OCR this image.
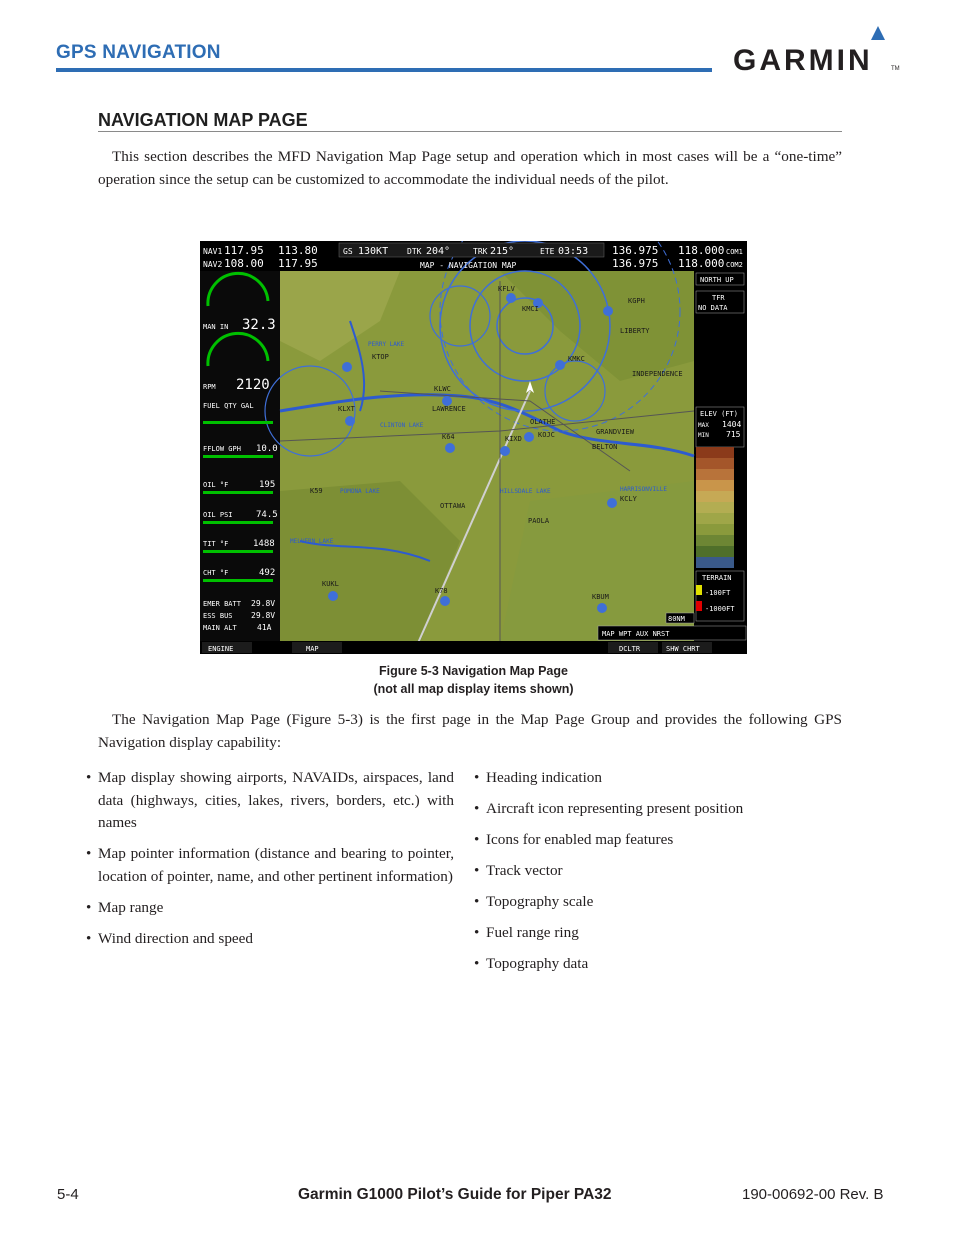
GPS NAVIGATION	GARMIN	TM
NAVIGATION MAP PAGE

This section describes the MFD Navigation Map Page setup and operation which in most cases will be a “one-time” operation since the setup can be customized to accommodate the individual needs of the pilot.

NAV1 117.95 113.80
NAV2 108.00 117.95
GS 130KT DTK 204°	TRK 215°	ETE 03:53
MAP - NAVIGATION MAP
136.975 118.000 COM1
136.975 118.000 COM2
NORTH UP
TFR
NO DATA
ELEV (FT)
MAX 1404
MIN 715
TERRAIN
-100FT
-1000FT
80NM
MAP WPT AUX NRST
MAN IN 32.3
RPM 2120
FUEL QTY GAL
FFLOW GPH 10.0
OIL °F	195
OIL PSI	74.5
TIT °F	1488
CHT °F	492
EMER BATT 29.8V
ESS BUS 29.8V
MAIN ALT	41A
KFLV
KMCI
KGPH
KMKC
KTOP
KLWC
KOJC
KIXD
K64
KLXT
KCLY
KUKL
K78
KBUM
K59
LAWRENCE
OLATHE
INDEPENDENCE
GRANDVIEW
BELTON
OTTAWA
LIBERTY
PAOLA
CLINTON LAKE
POMONA LAKE	HILLSDALE LAKE	HARRISONVILLE
PERRY LAKE
MELVERN LAKE
ENGINE	MAP	DCLTR	SHW CHRT
Figure 5-3 Navigation Map Page
(not all map display items shown)

The Navigation Map Page (Figure 5-3) is the first page in the Map Page Group and provides the following GPS Navigation display capability:

• Map display showing airports, NAVAIDs, airspaces, land data (highways, cities, lakes, rivers, borders, etc.) with names
• Map pointer information (distance and bearing to pointer, location of pointer, name, and other pertinent information)
• Map range
• Wind direction and speed
• Heading indication
• Aircraft icon representing present position
• Icons for enabled map features
• Track vector
• Topography scale
• Fuel range ring
• Topography data
5-4	Garmin G1000 Pilot’s Guide for Piper PA32	190-00692-00 Rev. B
